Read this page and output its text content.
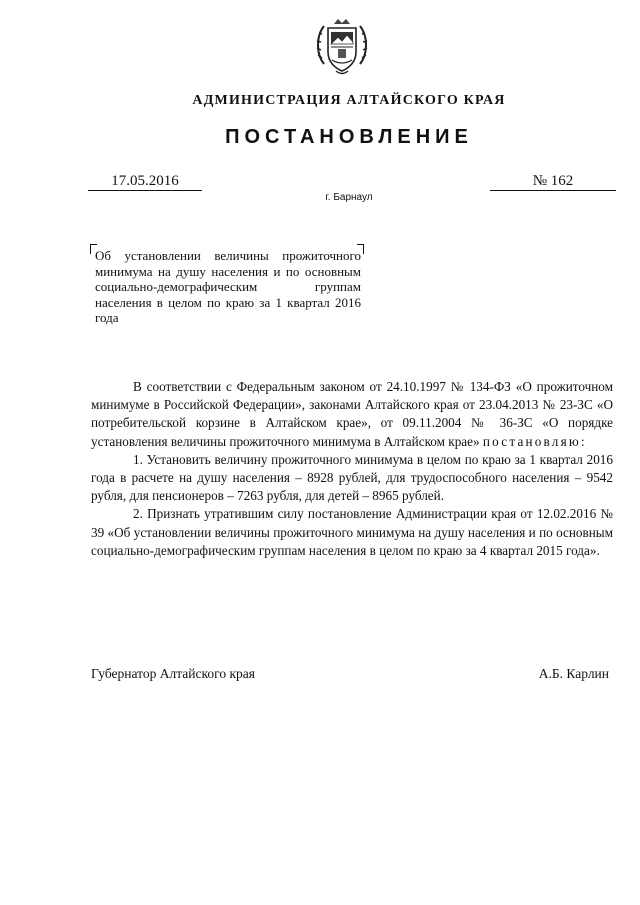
АДМИНИСТРАЦИЯ АЛТАЙСКОГО КРАЯ
ПОСТАНОВЛЕНИЕ
17.05.2016	№ 162
г. Барнаул
Об установлении величины прожиточного минимума на душу населения и по основным социально-демографическим группам населения в целом по краю за 1 квартал 2016 года

В соответствии с Федеральным законом от 24.10.1997 № 134-ФЗ «О прожиточном минимуме в Российской Федерации», законами Алтайского края от 23.04.2013 № 23-ЗС «О потребительской корзине в Алтайском крае», от 09.11.2004 № 36-ЗС «О порядке установления величины прожиточного минимума в Алтайском крае» постановляю:

1. Установить величину прожиточного минимума в целом по краю за 1 квартал 2016 года в расчете на душу населения – 8928 рублей, для трудоспособного населения – 9542 рубля, для пенсионеров – 7263 рубля, для детей – 8965 рублей.

2. Признать утратившим силу постановление Администрации края от 12.02.2016 № 39 «Об установлении величины прожиточного минимума на душу населения и по основным социально-демографическим группам населения в целом по краю за 4 квартал 2015 года».

Губернатор Алтайского края	А.Б. Карлин
